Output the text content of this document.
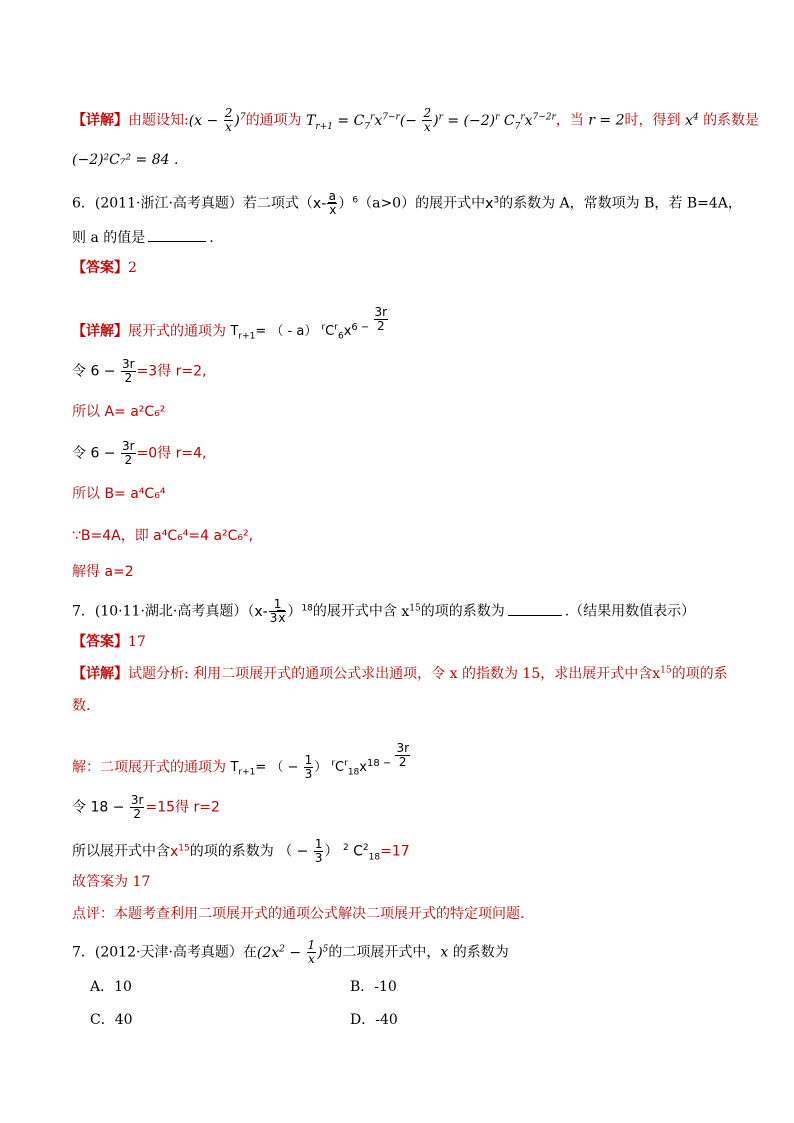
【详解】由题设知:(x − $\frac{2}{x} )^7$的通项为 $T_{r+1} = C_7^rx^{7-r}(- \frac{2}{x} )^r = (-2)^r$ $C_7^rx^{7-2r}$，当 r = 2时，得到 $x^4$ 的系数是
(−2)²C₇² = 84 .
6．(2011·浙江·高考真题）若二项式$(x- \frac{a}{x} )^6(a>0)$的展开式中$x^3$的系数为 A，常数项为 B，若 B=4A，
则 a 的值是	.
【答案】2
【详解】展开式的通项为 $T_{r+1}=$ （ - a） $^rC^r_6x^{6 - \frac{3r}{2}}$
令 $6 - \frac{3r}{2} =3$得 r=2,
所以 A= a²C₆²
令 $6 - \frac{3r}{2} =0$得 r=4,
所以 B= a⁴C₆⁴
∵B=4A，即 a⁴C₆⁴=4 a²C₆²,
解得 a=2
7．(10·11·湖北·高考真题）$(x- \frac{1}{3x} )^{18}$的展开式中含 $x^{15}$的项的系数为	.（结果用数值表示）
【答案】17
【详解】试题分析: 利用二项展开式的通项公式求出通项，令 x 的指数为 15，求出展开式中含$x^{15}$的项的系
数.
解：二项展开式的通项为 $T_{r+1}=$ （ − $\frac{1}{3}$ ） $^rC^r_{18}x^{18 - \frac{3r}{2}}$
令 $18 - \frac{3r}{2} =15$得 r=2
所以展开式中含$x^{15}$的项的系数为 （ − $\frac{1}{3}$ ） $^2$ $C^2_{18}=17$
故答案为 17
点评：本题考查利用二项展开式的通项公式解决二项展开式的特定项问题.
7．(2012·天津·高考真题）在$(2x^2 - \frac{1}{x} )^5$的二项展开式中，x 的系数为
A．10	B．-10
C．40	D．-40
